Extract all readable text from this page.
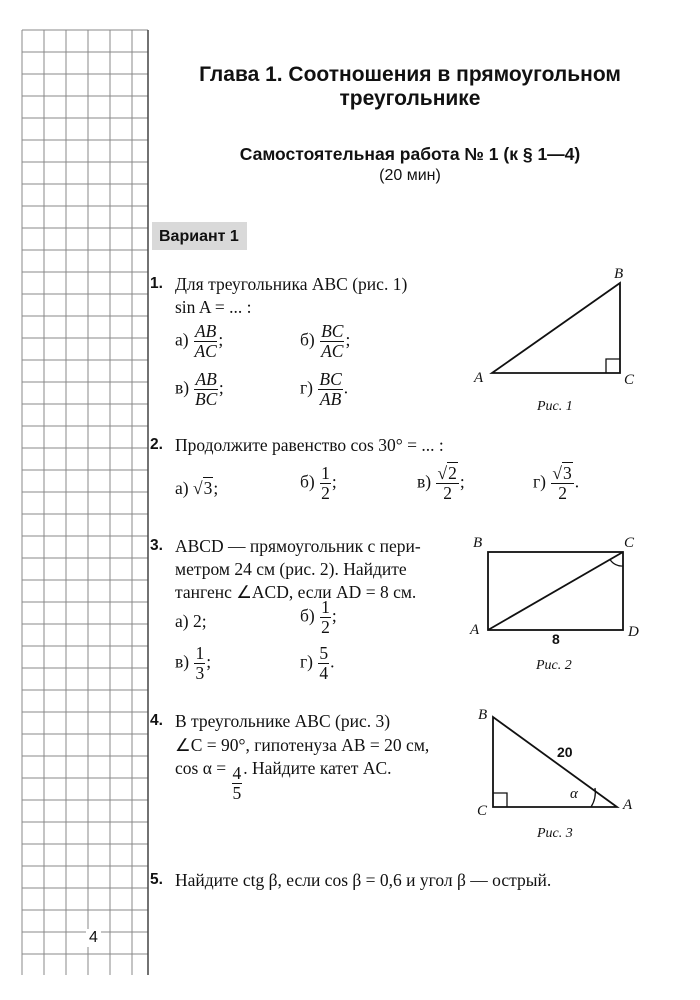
Глава 1. Соотношения в прямоугольном треугольнике
Самостоятельная работа № 1 (к § 1—4)
(20 мин)
Вариант 1
1. Для треугольника ABC (рис. 1)
sin A = ... :
$а) \frac{AB}{AC}$ ;	$б) \frac{BC}{AC}$ ;
$в) \frac{AB}{BC}$ ;	$г) \frac{BC}{AB}$ .	A
B
C
Рис. 1
2. Продолжите равенство cos 30° = ... :
а) √3;	$б) \frac{1}{2}$ ;	$в) \frac{√2}{2}$ ;	$г) \frac{√3}{2}$ .
3. ABCD — прямоугольник с пери-
метром 24 см (рис. 2). Найдите
тангенс ∠ACD, если AD = 8 см.
а) 2;	$б) \frac{1}{2}$ ;
$в) \frac{1}{3}$ ;	$г) \frac{5}{4}$ .
B	C
A	D
8
Рис. 2
4. В треугольнике ABC (рис. 3)
∠C = 90°, гипотенуза AB = 20 см,
$\cos \alpha = \frac{4}{5}$ . Найдите катет AC.
B
C	A
20
α
Рис. 3
5. Найдите ctg β, если cos β = 0,6 и угол β — острый.
4
